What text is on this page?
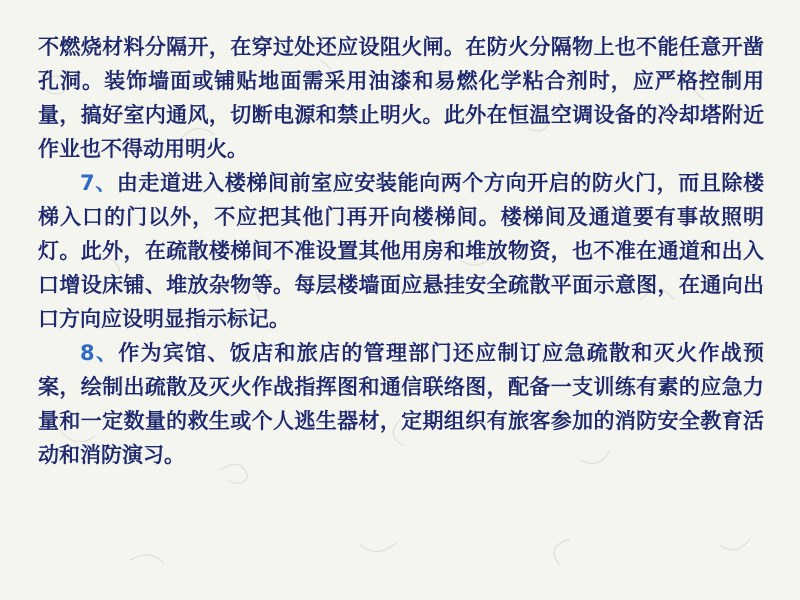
不燃烧材料分隔开，在穿过处还应设阻火闸。在防火分隔物上也不能任意开凿孔洞。装饰墙面或铺贴地面需采用油漆和易燃化学粘合剂时，应严格控制用量，搞好室内通风，切断电源和禁止明火。此外在恒温空调设备的冷却塔附近作业也不得动用明火。

7、由走道进入楼梯间前室应安装能向两个方向开启的防火门，而且除楼梯入口的门以外，不应把其他门再开向楼梯间。楼梯间及通道要有事故照明灯。此外，在疏散楼梯间不准设置其他用房和堆放物资，也不准在通道和出入口增设床铺、堆放杂物等。每层楼墙面应悬挂安全疏散平面示意图，在通向出口方向应设明显指示标记。

8、作为宾馆、饭店和旅店的管理部门还应制订应急疏散和灭火作战预案，绘制出疏散及灭火作战指挥图和通信联络图，配备一支训练有素的应急力量和一定数量的救生或个人逃生器材，定期组织有旅客参加的消防安全教育活动和消防演习。
